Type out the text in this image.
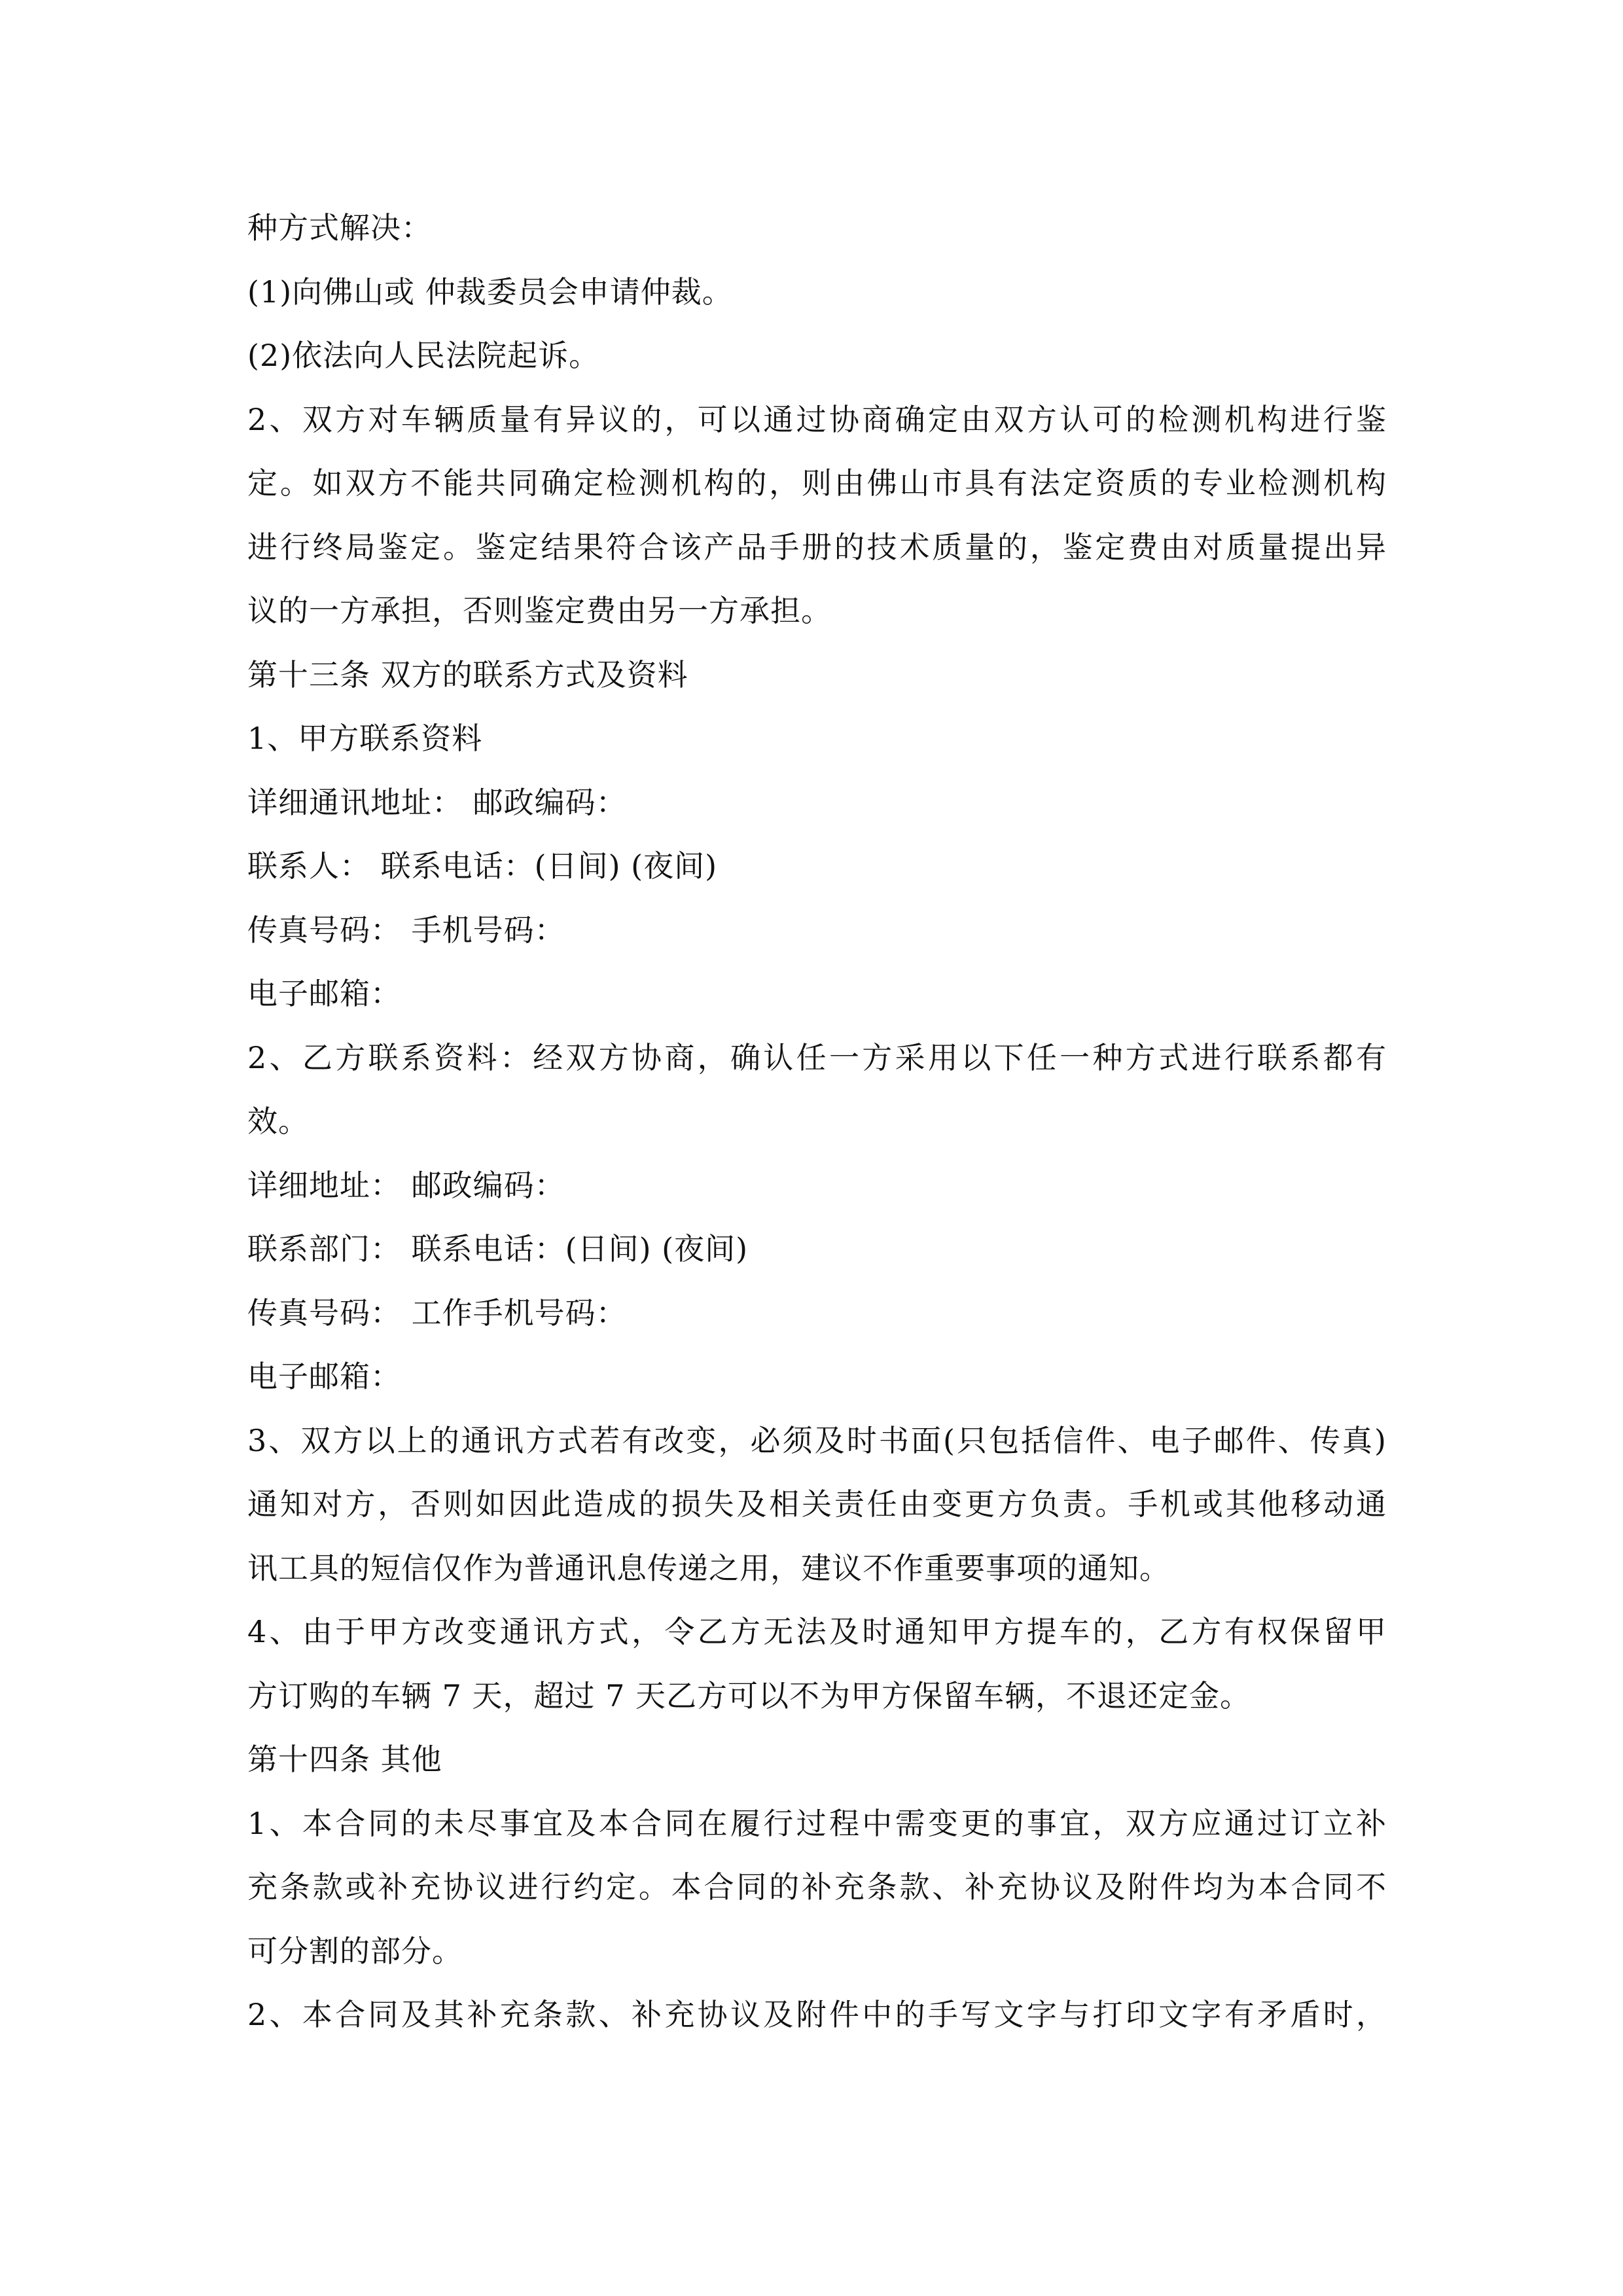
种方式解决：
(1)向佛山或 仲裁委员会申请仲裁。
(2)依法向人民法院起诉。
2、双方对车辆质量有异议的，可以通过协商确定由双方认可的检测机构进行鉴
定。如双方不能共同确定检测机构的，则由佛山市具有法定资质的专业检测机构
进行终局鉴定。鉴定结果符合该产品手册的技术质量的，鉴定费由对质量提出异
议的一方承担，否则鉴定费由另一方承担。
第十三条 双方的联系方式及资料
1、甲方联系资料
详细通讯地址： 邮政编码：
联系人： 联系电话：(日间) (夜间)
传真号码： 手机号码：
电子邮箱：
2、乙方联系资料：经双方协商，确认任一方采用以下任一种方式进行联系都有
效。
详细地址： 邮政编码：
联系部门： 联系电话：(日间) (夜间)
传真号码： 工作手机号码：
电子邮箱：
3、双方以上的通讯方式若有改变，必须及时书面(只包括信件、电子邮件、传真)
通知对方，否则如因此造成的损失及相关责任由变更方负责。手机或其他移动通
讯工具的短信仅作为普通讯息传递之用，建议不作重要事项的通知。
4、由于甲方改变通讯方式，令乙方无法及时通知甲方提车的，乙方有权保留甲
方订购的车辆 7 天，超过 7 天乙方可以不为甲方保留车辆，不退还定金。
第十四条 其他
1、本合同的未尽事宜及本合同在履行过程中需变更的事宜，双方应通过订立补
充条款或补充协议进行约定。本合同的补充条款、补充协议及附件均为本合同不
可分割的部分。
2、本合同及其补充条款、补充协议及附件中的手写文字与打印文字有矛盾时，
